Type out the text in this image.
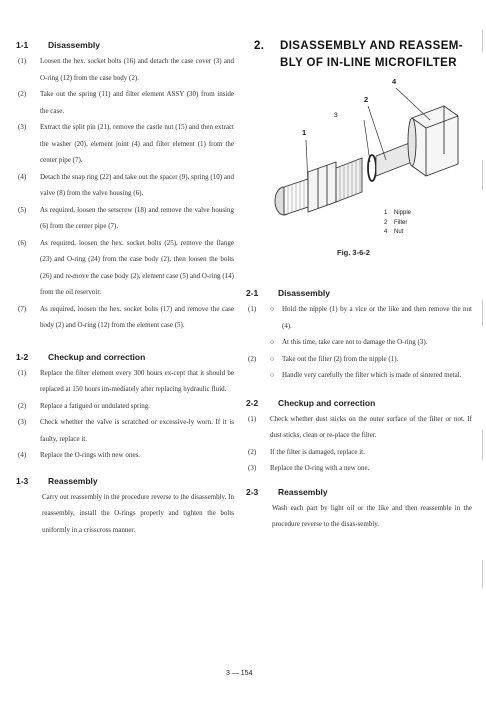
1-1	Disassembly
(1)	Loosen the hex. socket bolts (16) and detach the case cover (3) and O-ring (12) from the case body (2).
(2)	Take out the spring (11) and filter element ASSY (30) from inside the case.
(3)	Extract the split pin (21), remove the castle nut (15) and then extract the washer (20), element joint (4) and filter element (1) from the center pipe (7).
(4)	Detach the snap ring (22) and take out the spacer (9), spring (10) and valve (8) from the valve housing (6).
(5)	As required, loosen the setscrew (18) and remove the valve housing (6) from the center pipe (7).
(6)	As required, loosen the hex. socket bolts (25), remove the flange (23) and O-ring (24) from the case body (2), then loosen the bolts (26) and re-move the case body (2), element case (5) and O-ring (14) from the oil reservoir.
(7)	As required, loosen the hex. socket bolts (17) and remove the case body (2) and O-ring (12) from the element case (5).
1-2	Checkup and correction
(1)	Replace the filter element every 300 hours ex-cept that it should be replaced at 150 hours im-mediately after replacing hydraulic fluid.
(2)	Replace a fatigued or undulated spring.
(3)	Check whether the valve is scratched or excessive-ly worn. If it is faulty, replace it.
(4)	Replace the O-rings with new ones.
1-3	Reassembly
Carry out reassembly in the procedure reverse to the disassembly. In reassembly, install the O-rings properly and tighten the bolts uniformly in a crisscross manner.
2. DISASSEMBLY AND REASSEM-
BLY OF IN-LINE MICROFILTER
1
2
3
4
1 Nipple
2 Filter
4 Nut
Fig. 3-6-2
2-1	Disassembly
(1)	○	Hold the nipple (1) by a vice or the like and then remove the nut (4).
○	At this time, take care not to damage the O-ring (3).
(2)	○	Take out the filter (2) from the nipple (1).
○	Handle very carefully the filter which is made of sintered metal.
2-2	Checkup and correction
(1)	Check whether dust sticks on the outer surface of the filter or not. If dust sticks, clean or re-place the filter.
(2)	If the filter is damaged, replace it.
(3)	Replace the O-ring with a new one.
2-3	Reassembly
Wash each part by light oil or the like and then reassemble in the procedure reverse to the disas-sembly.
3 — 154
